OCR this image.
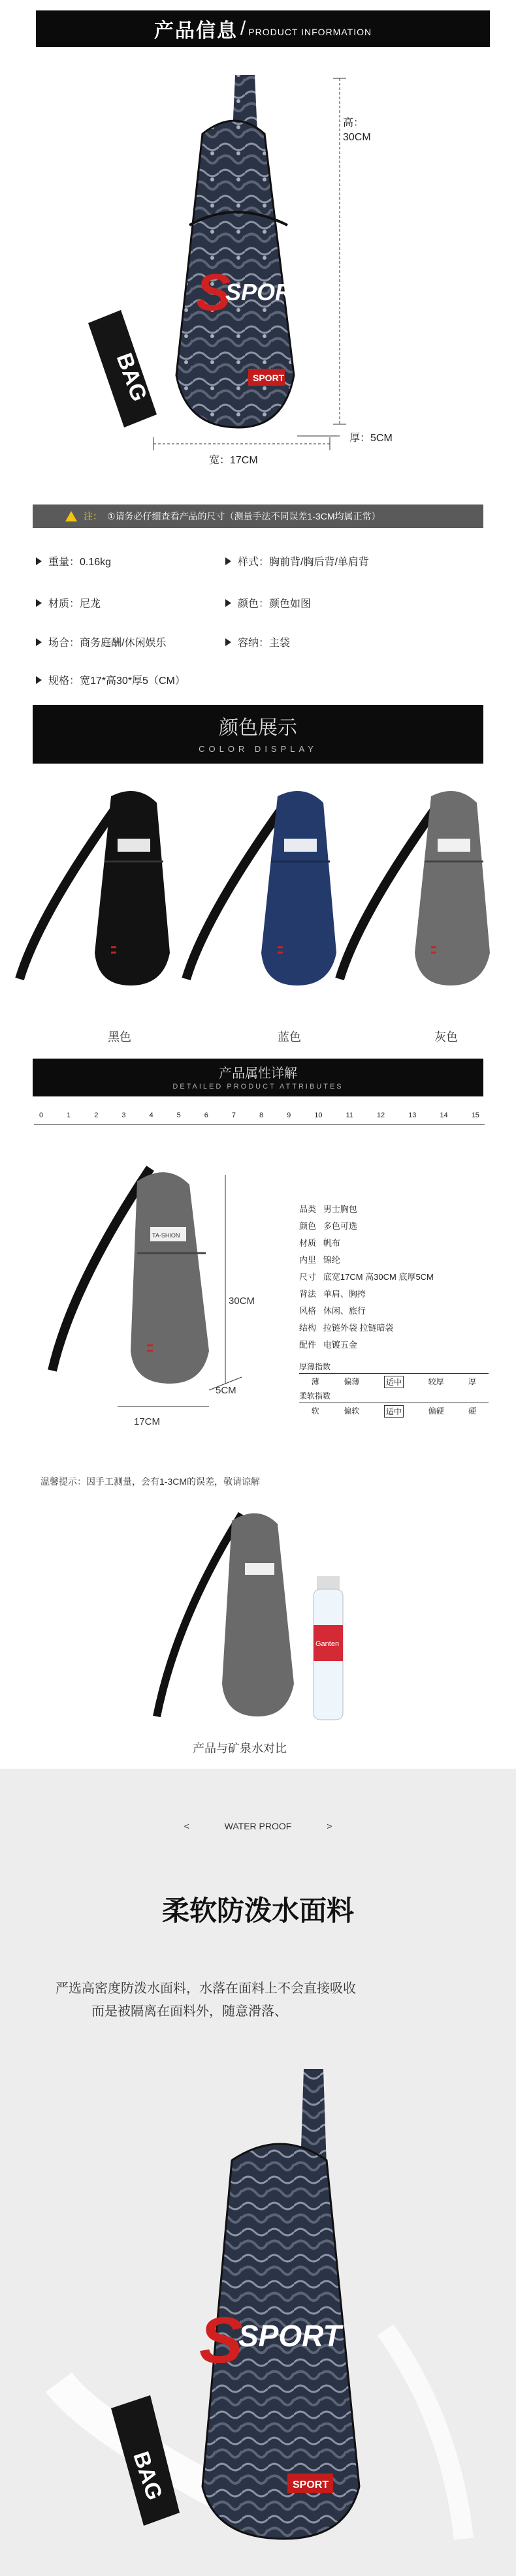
产品信息 / PRODUCT INFORMATION
BAG
S
SPORT
SPORT
高：
30CM
厚：5CM
宽：17CM
注： ①请务必仔细查看产品的尺寸（测量手法不同误差1-3CM均属正常）
重量：0.16kg	样式：胸前背/胸后背/单肩背
材质：尼龙	颜色：颜色如图
场合：商务庭酬/休闲娱乐	容纳：主袋
规格：宽17*高30*厚5（CM）
颜色展示
COLOR DISPLAY
黑色	蓝色	灰色
产品属性详解
DETAILED PRODUCT ATTRIBUTES
0	1	2	3	4	5	6	7	8	9	10	11	12	13	14	15
TA-SHION
30CM
17CM
5CM
品类 男士胸包
颜色 多色可选
材质 帆布
内里 锦纶
尺寸 底宽17CM 高30CM 底厚5CM
背法 单肩、胸挎
风格 休闲、旅行
结构 拉链外袋 拉链暗袋
配件 电镀五金
厚薄指数
薄	偏薄	适中	较厚	厚
柔软指数
软	偏软	适中	偏硬	硬
温馨提示：因手工测量，会有1-3CM的误差，敬请谅解
Ganten
产品与矿泉水对比
<	WATER PROOF	>
柔软防泼水面料
严选高密度防泼水面料，水落在面料上不会直接吸收
而是被隔离在面料外，随意滑落、
BAG
S
SPORT
SPORT
